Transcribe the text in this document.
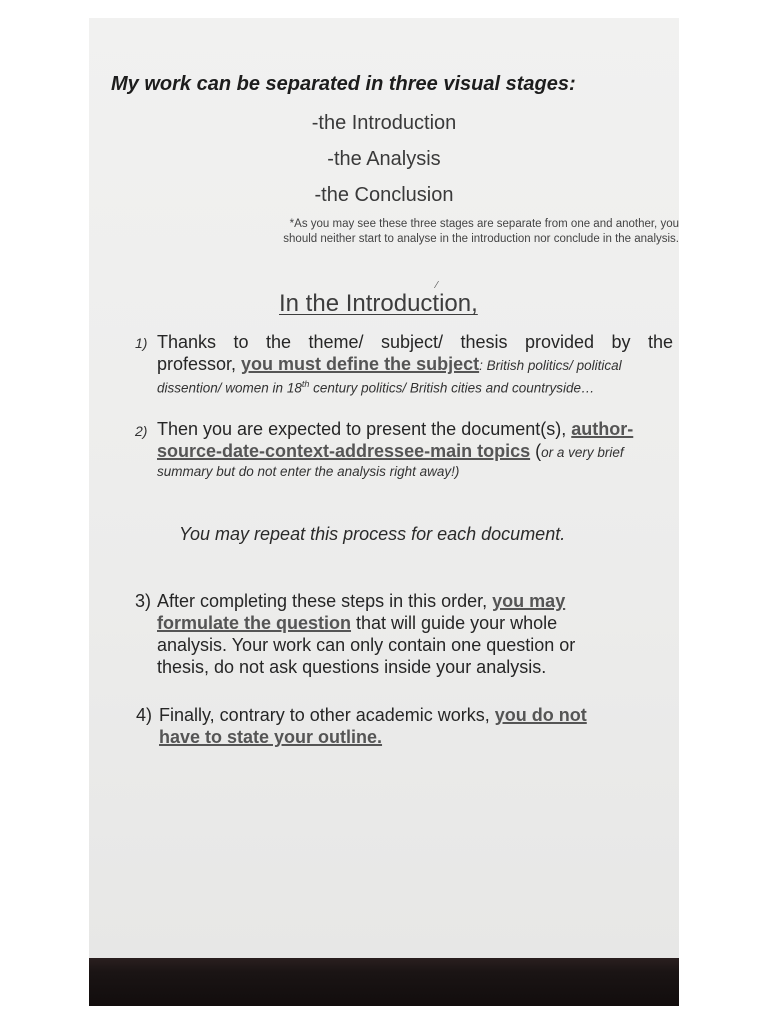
My work can be separated in three visual stages:
-the Introduction
-the Analysis
-the Conclusion
*As you may see these three stages are separate from one and another, you
should neither start to analyse in the introduction nor conclude in the analysis.
⁄
In the Introduction,
1) Thanks to the theme/ subject/ thesis provided by the
professor, you must define the subject: British politics/ political
dissention/ women in 18th century politics/ British cities and countryside…
2) Then you are expected to present the document(s), author-
source-date-context-addressee-main topics (or a very brief
summary but do not enter the analysis right away!)
You may repeat this process for each document.
3) After completing these steps in this order, you may
formulate the question that will guide your whole
analysis. Your work can only contain one question or
thesis, do not ask questions inside your analysis.
4) Finally, contrary to other academic works, you do not
have to state your outline.
